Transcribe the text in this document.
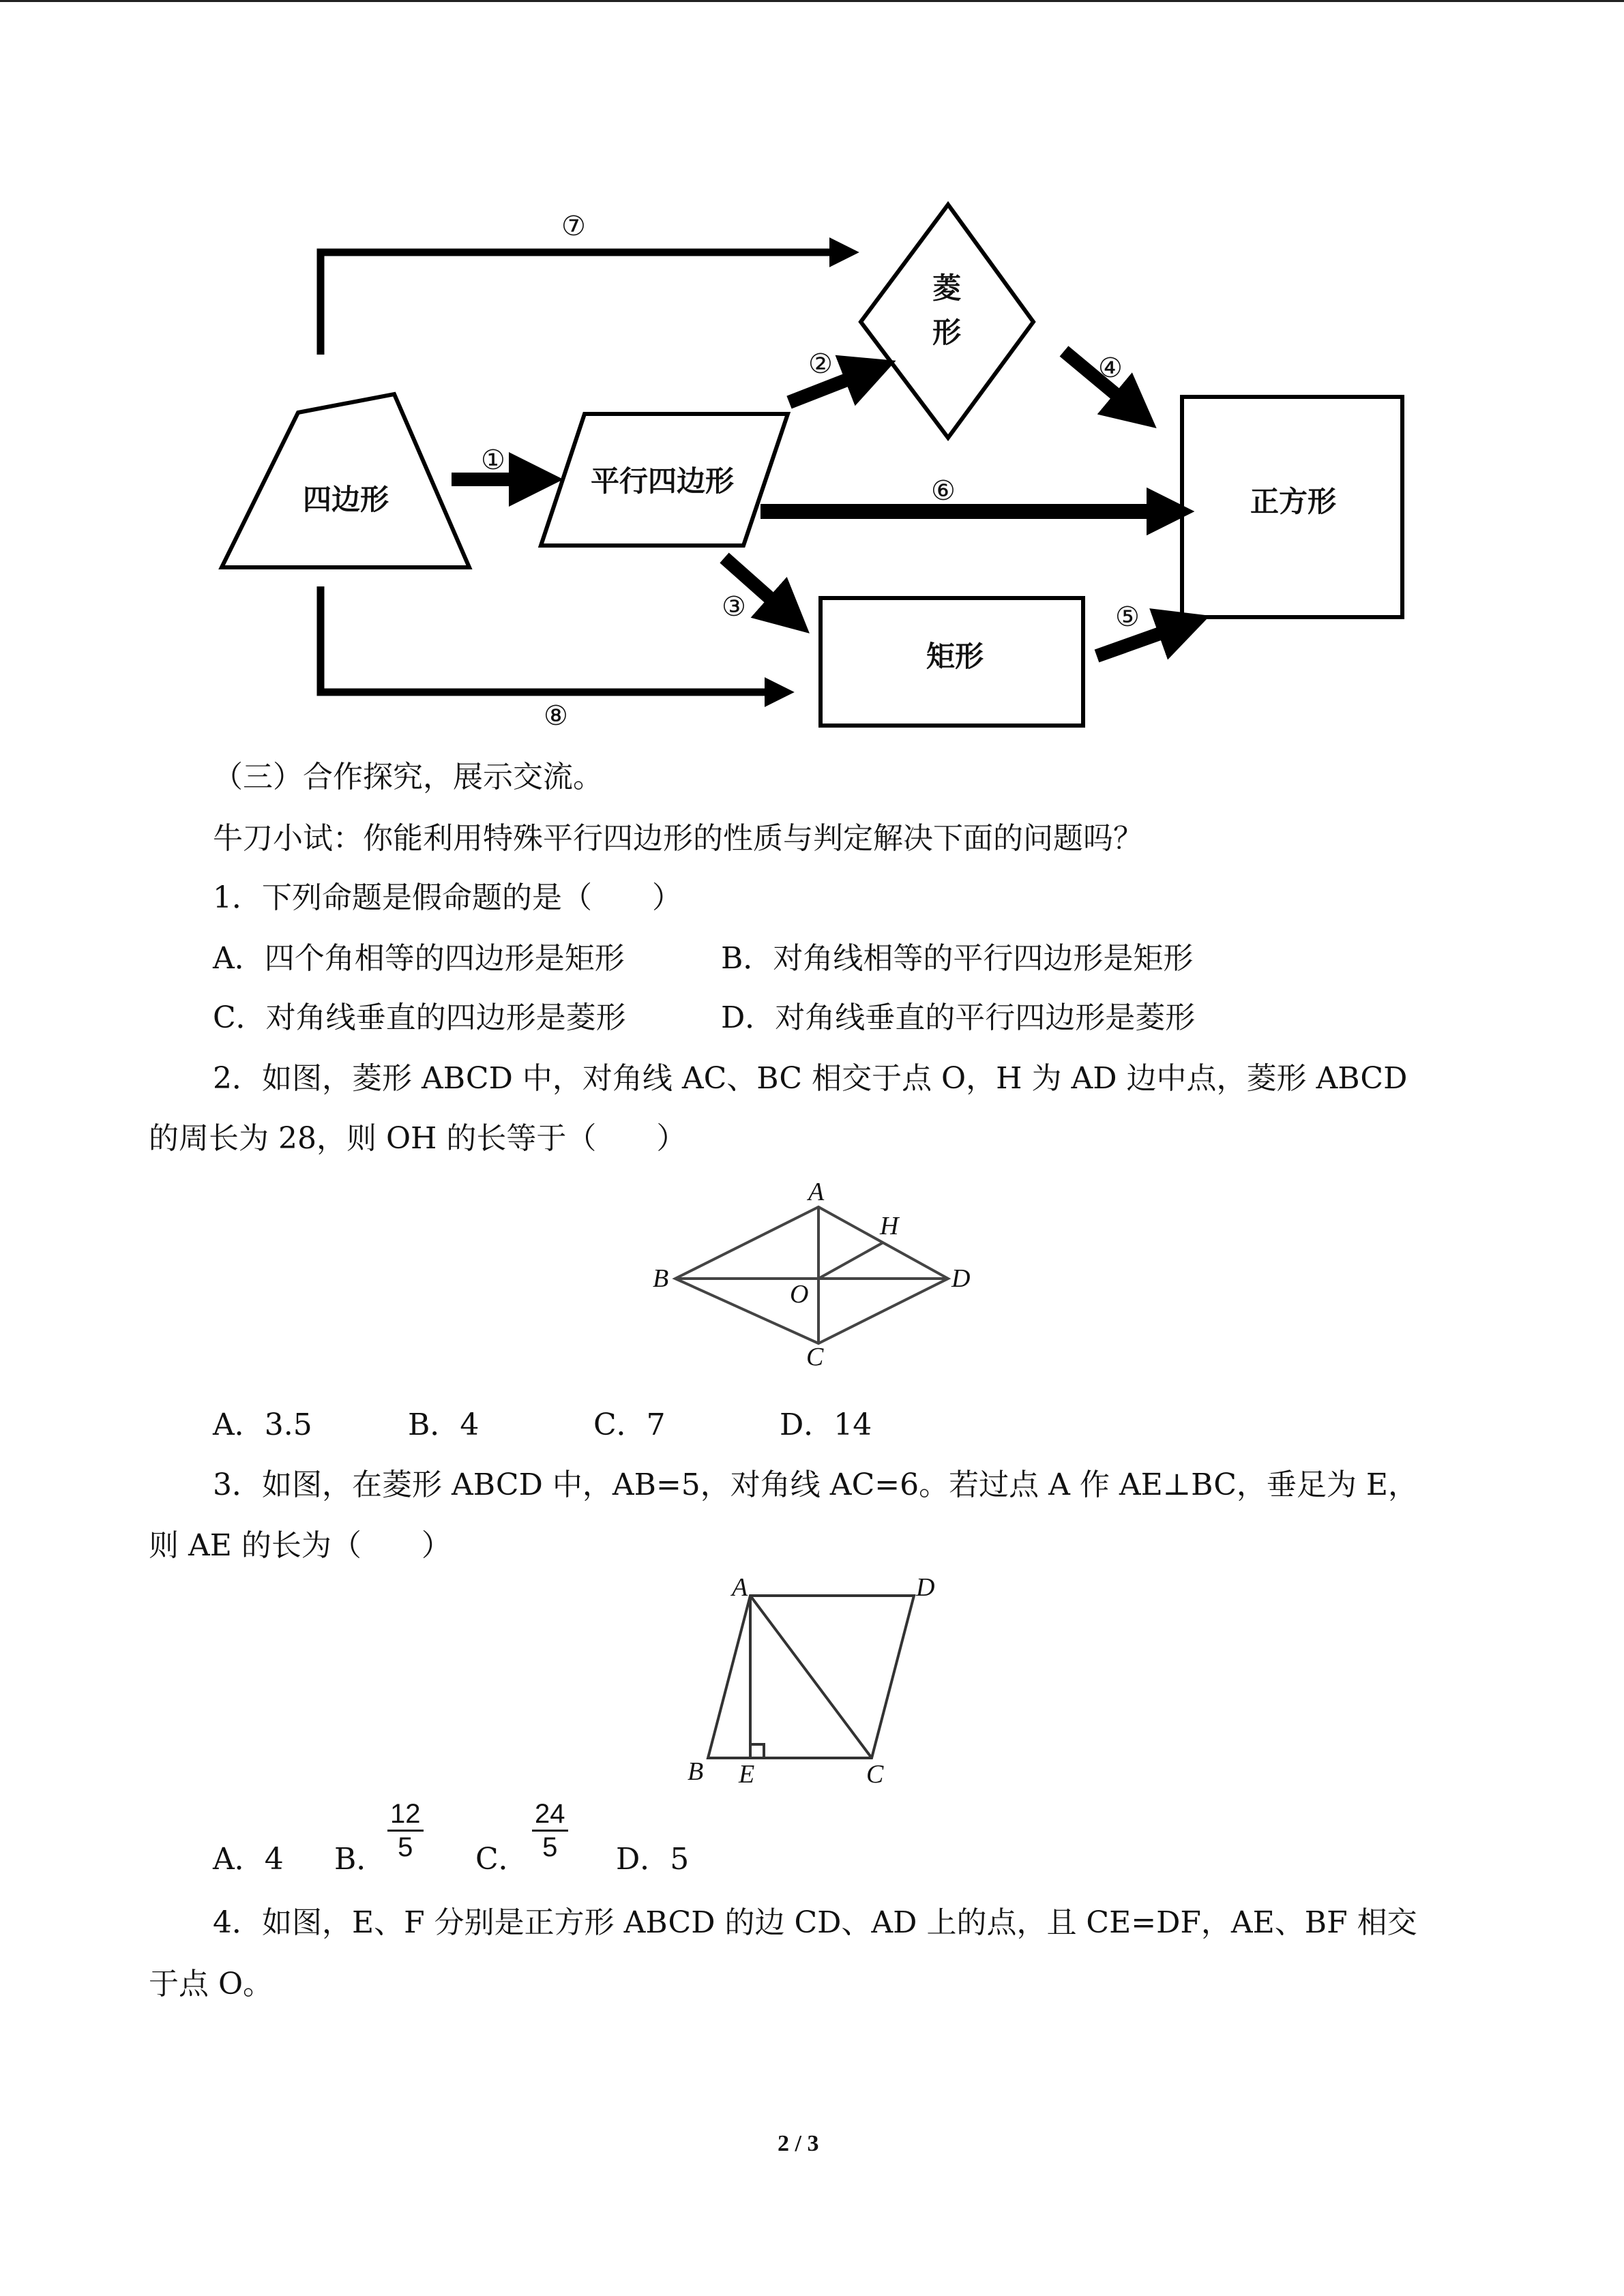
四边形
平行四边形
菱
形
矩形
正方形
①
②
③
④
⑤
⑥
⑦
⑧
（三）合作探究，展示交流。
牛刀小试：你能利用特殊平行四边形的性质与判定解决下面的问题吗？
1．下列命题是假命题的是（　　）
A．四个角相等的四边形是矩形	B．对角线相等的平行四边形是矩形
C．对角线垂直的四边形是菱形	D．对角线垂直的平行四边形是菱形
2．如图，菱形 ABCD 中，对角线 AC、BC 相交于点 O，H 为 AD 边中点，菱形 ABCD
的周长为 28，则 OH 的长等于（　　）
A
H
B
O
D
C
A．3.5	B．4	C．7	D．14
3．如图，在菱形 ABCD 中，AB=5，对角线 AC=6。若过点 A 作 AE⊥BC，垂足为 E，
则 AE 的长为（　　）
A	D
B E	C
A．4 B． $\frac{12}{5}$ C． $\frac{24}{5}$ D．5
4．如图，E、F 分别是正方形 ABCD 的边 CD、AD 上的点，且 CE=DF，AE、BF 相交
于点 O。
2 / 3
